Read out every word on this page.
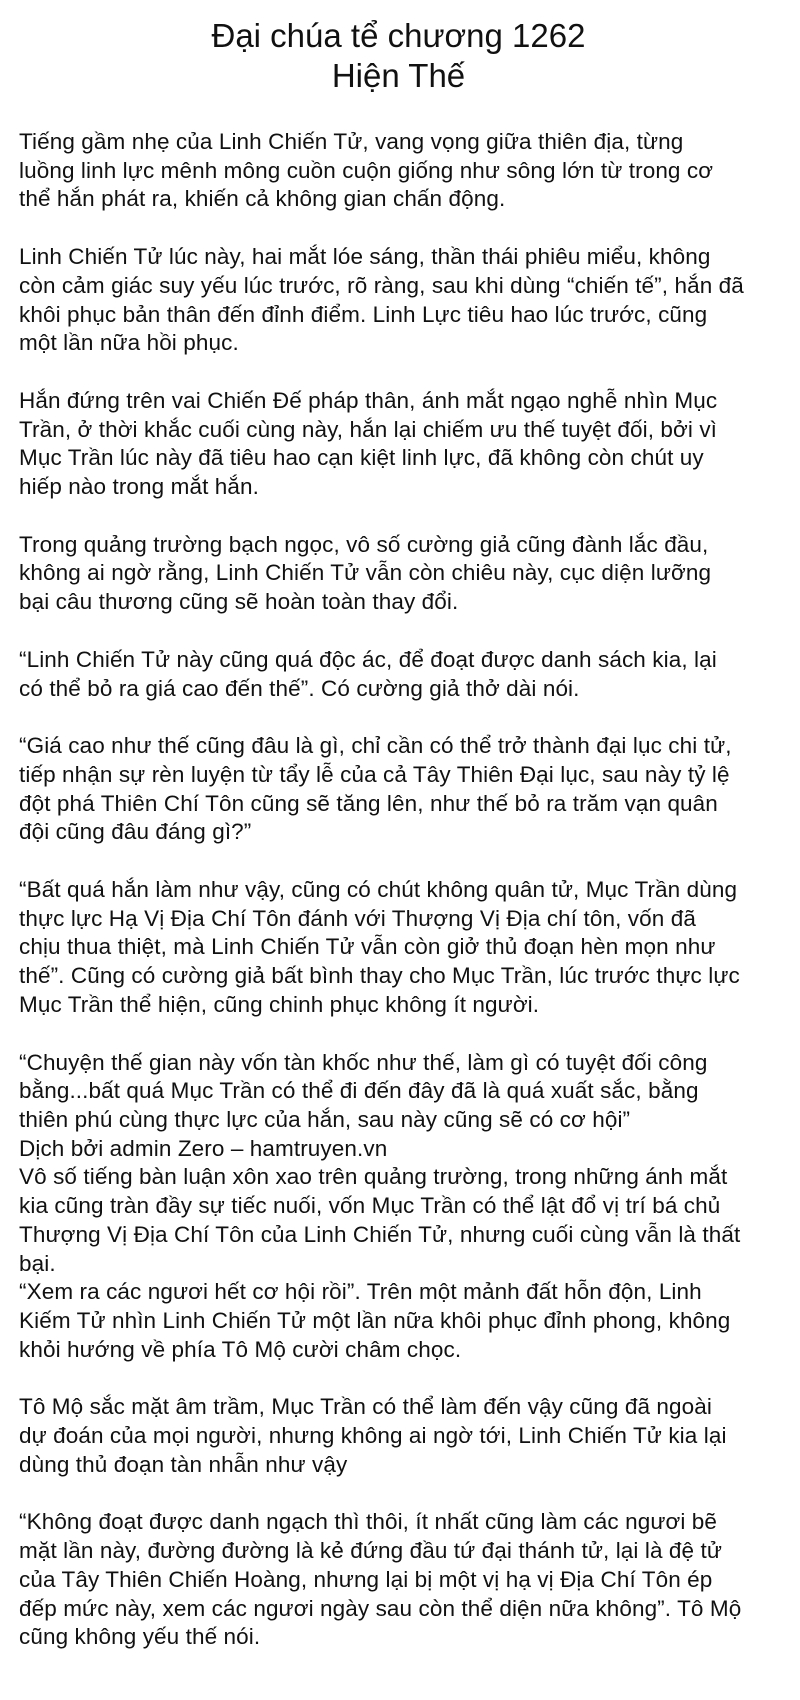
Đại chúa tể chương 1262
Hiện Thế

Tiếng gầm nhẹ của Linh Chiến Tử, vang vọng giữa thiên địa, từng
luồng linh lực mênh mông cuồn cuộn giống như sông lớn từ trong cơ
thể hắn phát ra, khiến cả không gian chấn động.

Linh Chiến Tử lúc này, hai mắt lóe sáng, thần thái phiêu miểu, không
còn cảm giác suy yếu lúc trước, rõ ràng, sau khi dùng “chiến tế”, hắn đã
khôi phục bản thân đến đỉnh điểm. Linh Lực tiêu hao lúc trước, cũng
một lần nữa hồi phục.

Hắn đứng trên vai Chiến Đế pháp thân, ánh mắt ngạo nghễ nhìn Mục
Trần, ở thời khắc cuối cùng này, hắn lại chiếm ưu thế tuyệt đối, bởi vì
Mục Trần lúc này đã tiêu hao cạn kiệt linh lực, đã không còn chút uy
hiếp nào trong mắt hắn.

Trong quảng trường bạch ngọc, vô số cường giả cũng đành lắc đầu,
không ai ngờ rằng, Linh Chiến Tử vẫn còn chiêu này, cục diện lưỡng
bại câu thương cũng sẽ hoàn toàn thay đổi.

“Linh Chiến Tử này cũng quá độc ác, để đoạt được danh sách kia, lại
có thể bỏ ra giá cao đến thế”. Có cường giả thở dài nói.

“Giá cao như thế cũng đâu là gì, chỉ cần có thể trở thành đại lục chi tử,
tiếp nhận sự rèn luyện từ tẩy lễ của cả Tây Thiên Đại lục, sau này tỷ lệ
đột phá Thiên Chí Tôn cũng sẽ tăng lên, như thế bỏ ra trăm vạn quân
đội cũng đâu đáng gì?”

“Bất quá hắn làm như vậy, cũng có chút không quân tử, Mục Trần dùng
thực lực Hạ Vị Địa Chí Tôn đánh với Thượng Vị Địa chí tôn, vốn đã
chịu thua thiệt, mà Linh Chiến Tử vẫn còn giở thủ đoạn hèn mọn như
thế”. Cũng có cường giả bất bình thay cho Mục Trần, lúc trước thực lực
Mục Trần thể hiện, cũng chinh phục không ít người.

“Chuyện thế gian này vốn tàn khốc như thế, làm gì có tuyệt đối công
bằng...bất quá Mục Trần có thể đi đến đây đã là quá xuất sắc, bằng
thiên phú cùng thực lực của hắn, sau này cũng sẽ có cơ hội”
Dịch bởi admin Zero – hamtruyen.vn
Vô số tiếng bàn luận xôn xao trên quảng trường, trong những ánh mắt
kia cũng tràn đầy sự tiếc nuối, vốn Mục Trần có thể lật đổ vị trí bá chủ
Thượng Vị Địa Chí Tôn của Linh Chiến Tử, nhưng cuối cùng vẫn là thất
bại.

“Xem ra các ngươi hết cơ hội rồi”. Trên một mảnh đất hỗn độn, Linh
Kiếm Tử nhìn Linh Chiến Tử một lần nữa khôi phục đỉnh phong, không
khỏi hướng về phía Tô Mộ cười châm chọc.

Tô Mộ sắc mặt âm trầm, Mục Trần có thể làm đến vậy cũng đã ngoài
dự đoán của mọi người, nhưng không ai ngờ tới, Linh Chiến Tử kia lại
dùng thủ đoạn tàn nhẫn như vậy

“Không đoạt được danh ngạch thì thôi, ít nhất cũng làm các ngươi bẽ
mặt lần này, đường đường là kẻ đứng đầu tứ đại thánh tử, lại là đệ tử
của Tây Thiên Chiến Hoàng, nhưng lại bị một vị hạ vị Địa Chí Tôn ép
đếp mức này, xem các ngươi ngày sau còn thể diện nữa không”. Tô Mộ
cũng không yếu thế nói.
